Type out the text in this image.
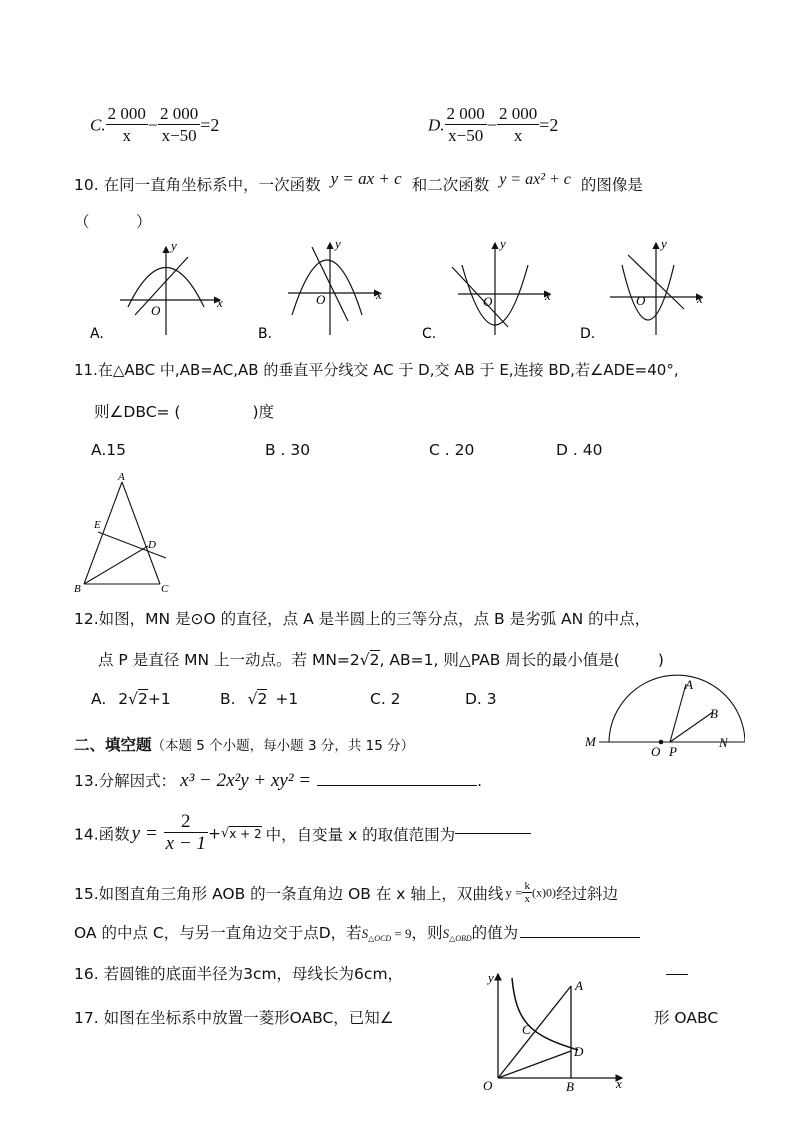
C. $\frac{2 000}{x} - \frac{2 000}{x-50} =2$	D. $\frac{2 000}{x-50} - \frac{2 000}{x} =2$
10. 在同一直角坐标系中，一次函数 y = ax + c 和二次函数 y = ax² + c 的图像是
（　　　）
x
y
O
A.
x
y
O
B.
x
y
O
C.
x
y
O
D.
11.在△ABC 中,AB=AC,AB 的垂直平分线交 AC 于 D,交 AB 于 E,连接 BD,若∠ADE=40°,
则∠DBC= (	)度
A.15	B . 30	C . 20	D . 40
A
E
D
B	C
12.如图，MN 是⊙O 的直径，点 A 是半圆上的三等分点，点 B 是劣弧 AN 的中点，
点 P 是直径 MN 上一动点。若 MN=2√2, AB=1, 则△PAB 周长的最小值是( )
A. 2√2+1	B. √2 +1	C. 2	D. 3
M
O P
A
B
N
二、填空题（本题 5 个小题，每小题 3 分，共 15 分）
13.分解因式： x³ − 2x²y + xy² =	.
14.函数 $y = \frac{2}{x - 1} +√x + 2$ 中，自变量 x 的取值范围为
15.如图直角三角形 AOB 的一条直角边 OB 在 x 轴上，双曲线 $y = \frac{k}{x} (x)0$)经过斜边
OA 的中点 C，与另一直角边交于点D，若S△OCD = 9，则S△OBD的值为
16. 若圆锥的底面半径为3cm，母线长为6cm，
17. 如图在坐标系中放置一菱形OABC，已知∠	形 OABC
y
x
A
C
D
O	B
